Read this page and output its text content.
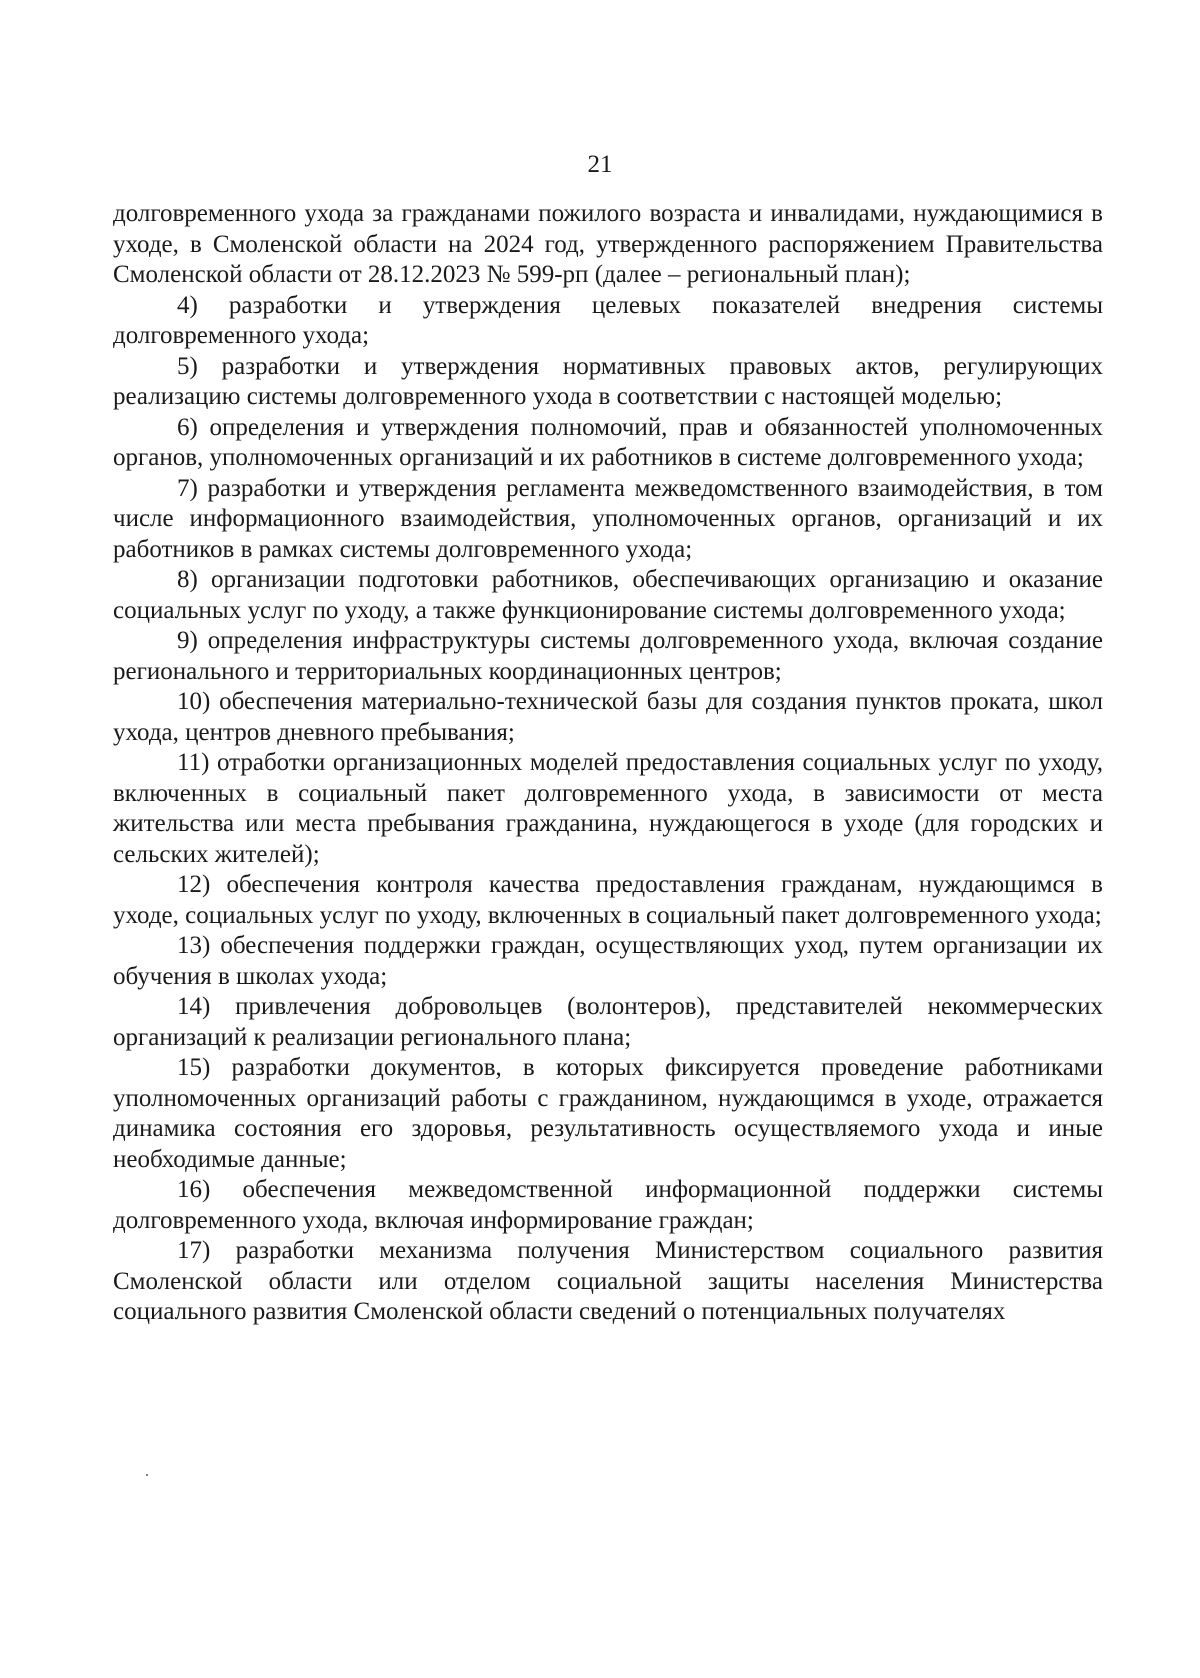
21

долговременного ухода за гражданами пожилого возраста и инвалидами, нуждающимися в уходе, в Смоленской области на 2024 год, утвержденного распоряжением Правительства Смоленской области от 28.12.2023 № 599-рп (далее – региональный план);

4) разработки и утверждения целевых показателей внедрения системы долговременного ухода;

5) разработки и утверждения нормативных правовых актов, регулирующих реализацию системы долговременного ухода в соответствии с настоящей моделью;

6) определения и утверждения полномочий, прав и обязанностей уполномоченных органов, уполномоченных организаций и их работников в системе долговременного ухода;

7) разработки и утверждения регламента межведомственного взаимодействия, в том числе информационного взаимодействия, уполномоченных органов, организаций и их работников в рамках системы долговременного ухода;

8) организации подготовки работников, обеспечивающих организацию и оказание социальных услуг по уходу, а также функционирование системы долговременного ухода;

9) определения инфраструктуры системы долговременного ухода, включая создание регионального и территориальных координационных центров;

10) обеспечения материально-технической базы для создания пунктов проката, школ ухода, центров дневного пребывания;

11) отработки организационных моделей предоставления социальных услуг по уходу, включенных в социальный пакет долговременного ухода, в зависимости от места жительства или места пребывания гражданина, нуждающегося в уходе (для городских и сельских жителей);

12) обеспечения контроля качества предоставления гражданам, нуждающимся в уходе, социальных услуг по уходу, включенных в социальный пакет долговременного ухода;

13) обеспечения поддержки граждан, осуществляющих уход, путем организации их обучения в школах ухода;

14) привлечения добровольцев (волонтеров), представителей некоммерческих организаций к реализации регионального плана;

15) разработки документов, в которых фиксируется проведение работниками уполномоченных организаций работы с гражданином, нуждающимся в уходе, отражается динамика состояния его здоровья, результативность осуществляемого ухода и иные необходимые данные;

16) обеспечения межведомственной информационной поддержки системы долговременного ухода, включая информирование граждан;

17) разработки механизма получения Министерством социального развития Смоленской области или отделом социальной защиты населения Министерства социального развития Смоленской области сведений о потенциальных получателях
